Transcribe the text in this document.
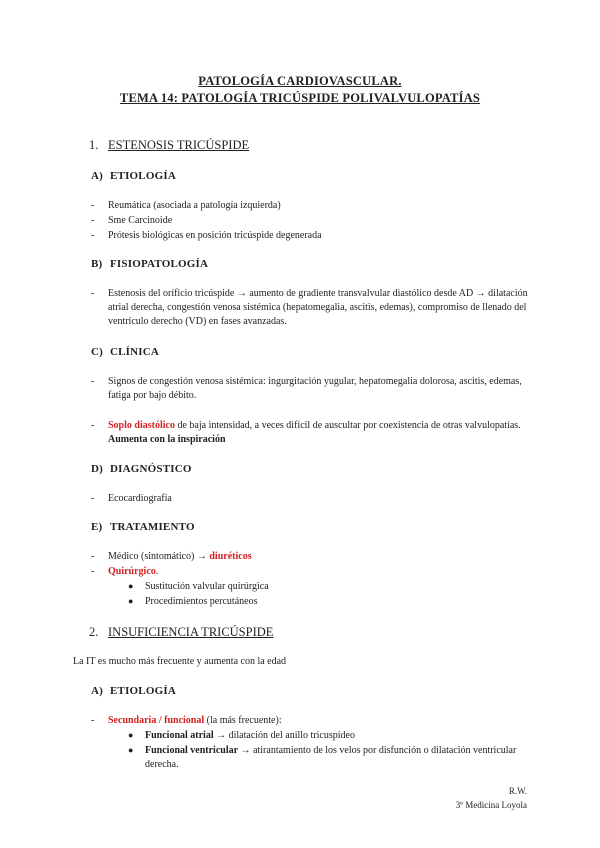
PATOLOGÍA CARDIOVASCULAR.
TEMA 14: PATOLOGÍA TRICÚSPIDE POLIVALVULOPATÍAS
1. ESTENOSIS TRICÚSPIDE
A) ETIOLOGÍA
- Reumática (asociada a patología izquierda)
- Sme Carcinoide
- Prótesis biológicas en posición tricúspide degenerada
B) FISIOPATOLOGÍA
- Estenosis del orificio tricúspide → aumento de gradiente transvalvular diastólico desde AD → dilatación atrial derecha, congestión venosa sistémica (hepatomegalia, ascitis, edemas), compromiso de llenado del ventrículo derecho (VD) en fases avanzadas.
C) CLÍNICA
- Signos de congestión venosa sistémica: ingurgitación yugular, hepatomegalia dolorosa, ascitis, edemas, fatiga por bajo débito.
- Soplo diastólico de baja intensidad, a veces difícil de auscultar por coexistencia de otras valvulopatías. Aumenta con la inspiración
D) DIAGNÓSTICO
- Ecocardiografía
E) TRATAMIENTO
- Médico (sintomático) → diuréticos
- Quirúrgico.
● Sustitución valvular quirúrgica
● Procedimientos percutáneos
2. INSUFICIENCIA TRICÚSPIDE
La IT es mucho más frecuente y aumenta con la edad
A) ETIOLOGÍA
- Secundaria / funcional (la más frecuente):
● Funcional atrial → dilatación del anillo tricuspídeo
● Funcional ventricular → atirantamiento de los velos por disfunción o dilatación ventricular derecha.
R.W.
3º Medicina Loyola
